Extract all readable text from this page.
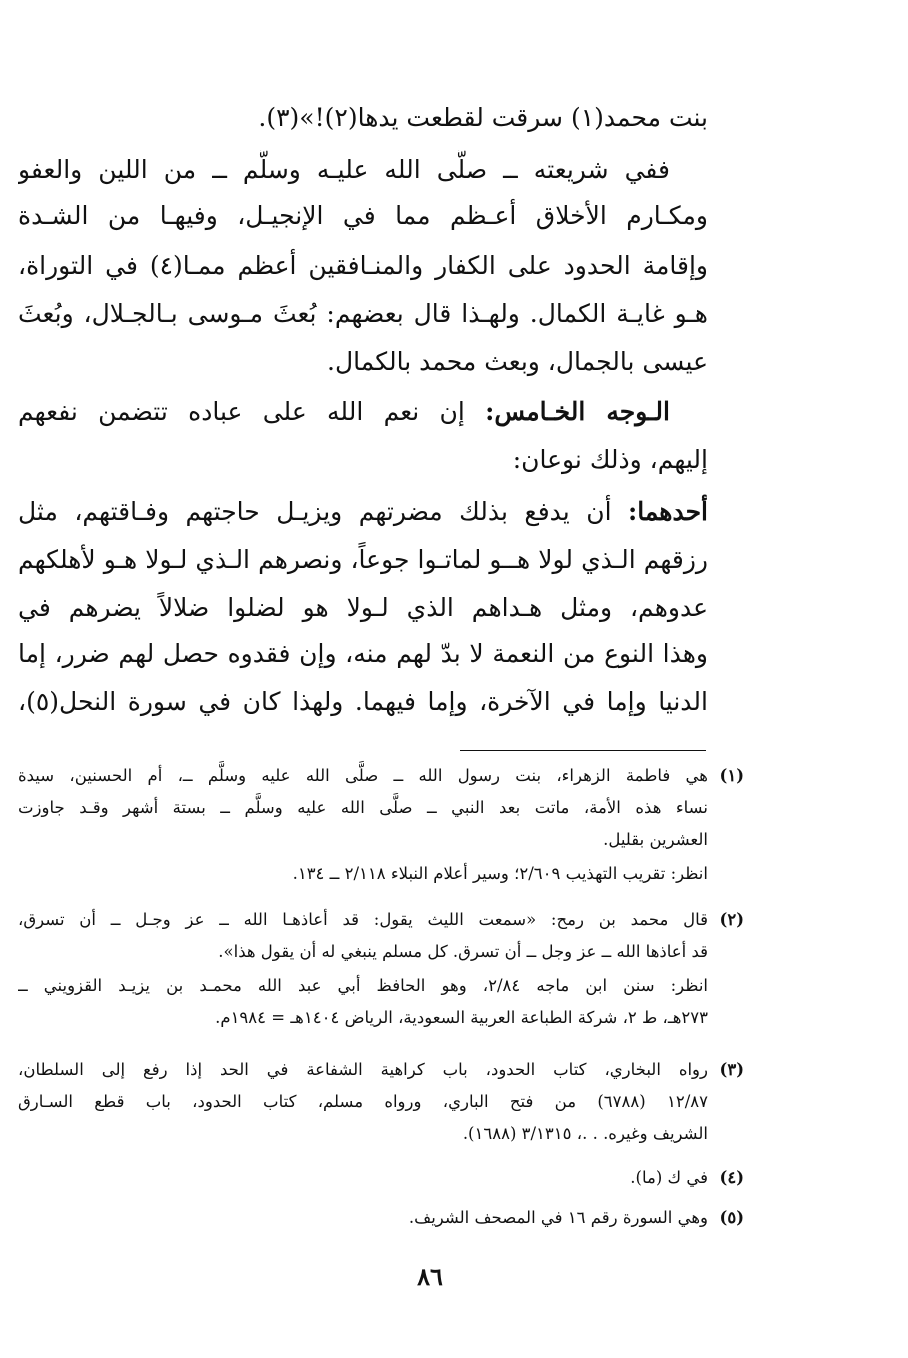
بنت محمد(١) سرقت لقطعت يدها(٢)!»(٣).
ففي شريعته ــ صلَّى الله عليـه وسلَّم ــ من اللين والعفو
ومكـارم الأخلاق أعـظم مما في الإنجيـل، وفيهـا من الشـدة
وإقامة الحدود على الكفار والمنـافقين أعظم ممـا(٤) في التوراة،
هـو غايـة الكمال. ولهـذا قال بعضهم: بُعثَ مـوسى بـالجـلال، وبُعثَ
عيسى بالجمال، وبعث محمد بالكمال.
الـوجه الخـامس: إن نعم الله على عباده تتضمن نفعهم
إليهم، وذلك نوعان:
أحدهما: أن يدفع بذلك مضرتهم ويزيـل حاجتهم وفـاقتهم، مثل
رزقهم الـذي لولا هــو لماتـوا جوعاً، ونصرهم الـذي لـولا هـو لأهلكهم
عدوهم، ومثل هـداهم الذي لـولا هو لضلوا ضلالاً يضرهم في
وهذا النوع من النعمة لا بدّ لهم منه، وإن فقدوه حصل لهم ضرر، إما
الدنيا وإما في الآخرة، وإما فيهما. ولهذا كان في سورة النحل(٥)،
(١)
هي فاطمة الزهراء، بنت رسول الله ــ صلَّى الله عليه وسلَّم ــ، أم الحسنين، سيدة
نساء هذه الأمة، ماتت بعد النبي ــ صلَّى الله عليه وسلَّم ــ بستة أشهر وقـد جاوزت
العشرين بقليل.
انظر: تقريب التهذيب ٢/٦٠٩؛ وسير أعلام النبلاء ٢/١١٨ ــ ١٣٤.
(٢)
قال محمد بن رمح: «سمعت الليث يقول: قد أعاذهـا الله ــ عز وجـل ــ أن تسرق،
قد أعاذها الله ــ عز وجل ــ أن تسرق. كل مسلم ينبغي له أن يقول هذا».
انظر: سنن ابن ماجه ٢/٨٤، وهو الحافظ أبي عبد الله محمـد بن يزيـد القزويني ــ
٢٧٣هـ، ط ٢، شركة الطباعة العربية السعودية، الرياض ١٤٠٤هـ = ١٩٨٤م.
(٣)
رواه البخاري، كتاب الحدود، باب كراهية الشفاعة في الحد إذا رفع إلى السلطان،
١٢/٨٧ (٦٧٨٨) من فتح الباري، ورواه مسلم، كتاب الحدود، باب قطع السـارق
الشريف وغيره. . .، ٣/١٣١٥ (١٦٨٨).
(٤)
في ك (ما).
(٥)
وهي السورة رقم ١٦ في المصحف الشريف.
٨٦
